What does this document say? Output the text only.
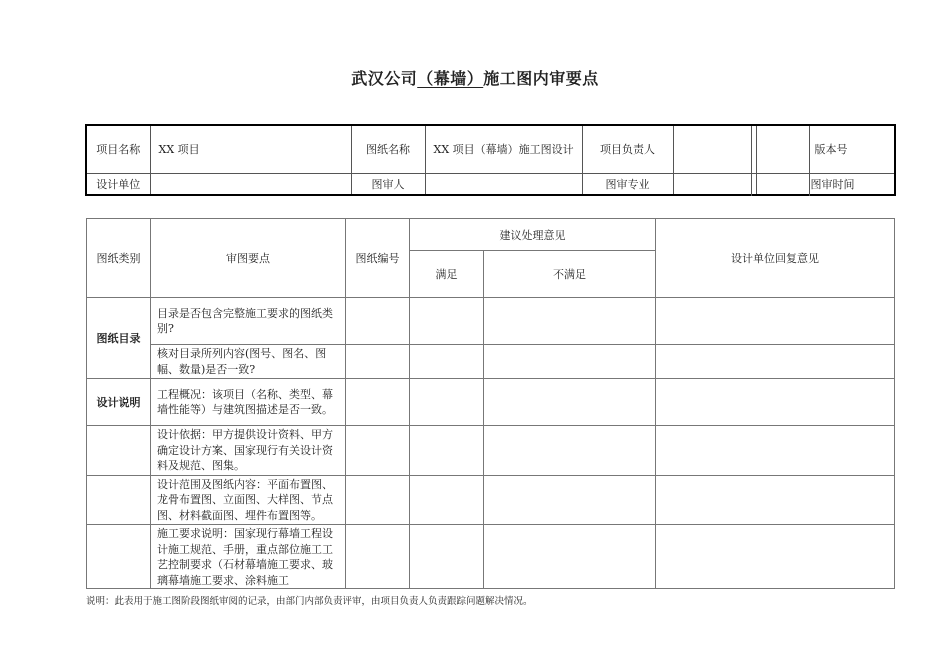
武汉公司（幕墙）施工图内审要点
项目名称	XX 项目	图纸名称	XX 项目（幕墙）施工图设计	项目负责人		版本号
设计单位		图审人		图审专业		图审时间
图纸类别	审图要点	图纸编号	建议处理意见		设计单位回复意见
			满足	不满足	
图纸目录	目录是否包含完整施工要求的图纸类别?				
	核对目录所列内容(图号、图名、图幅、数量)是否一致?				
设计说明	工程概况：该项目（名称、类型、幕墙性能等）与建筑图描述是否一致。				
	设计依据：甲方提供设计资料、甲方确定设计方案、国家现行有关设计资料及规范、图集。				
	设计范围及图纸内容：平面布置图、龙骨布置图、立面图、大样图、节点图、材料截面图、埋件布置图等。				

	施工要求说明：国家现行幕墙工程设计施工规范、手册，重点部位施工工艺控制要求（石材幕墙施工要求、玻璃幕墙施工要求、涂料施工				

说明：此表用于施工图阶段图纸审阅的记录，由部门内部负责评审，由项目负责人负责跟踪问题解决情况。
